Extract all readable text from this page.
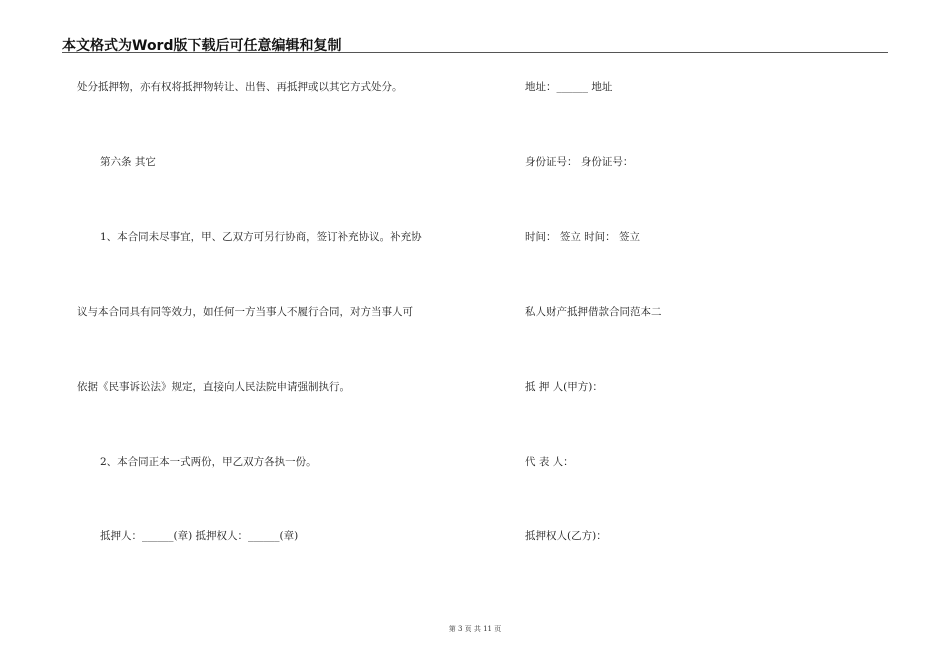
本文格式为Word版下载后可任意编辑和复制
处分抵押物，亦有权将抵押物转让、出售、再抵押或以其它方式处分。
第六条 其它
1、本合同未尽事宜，甲、乙双方可另行协商，签订补充协议。补充协
议与本合同具有同等效力，如任何一方当事人不履行合同，对方当事人可
依据《民事诉讼法》规定，直接向人民法院申请强制执行。
2、本合同正本一式两份，甲乙双方各执一份。
抵押人：______(章) 抵押权人：______(章)
地址：______ 地址
身份证号： 身份证号：
时间： 签立 时间： 签立
私人财产抵押借款合同范本二
抵 押 人(甲方)：
代 表 人：
抵押权人(乙方)：
第 3 页 共 11 页
